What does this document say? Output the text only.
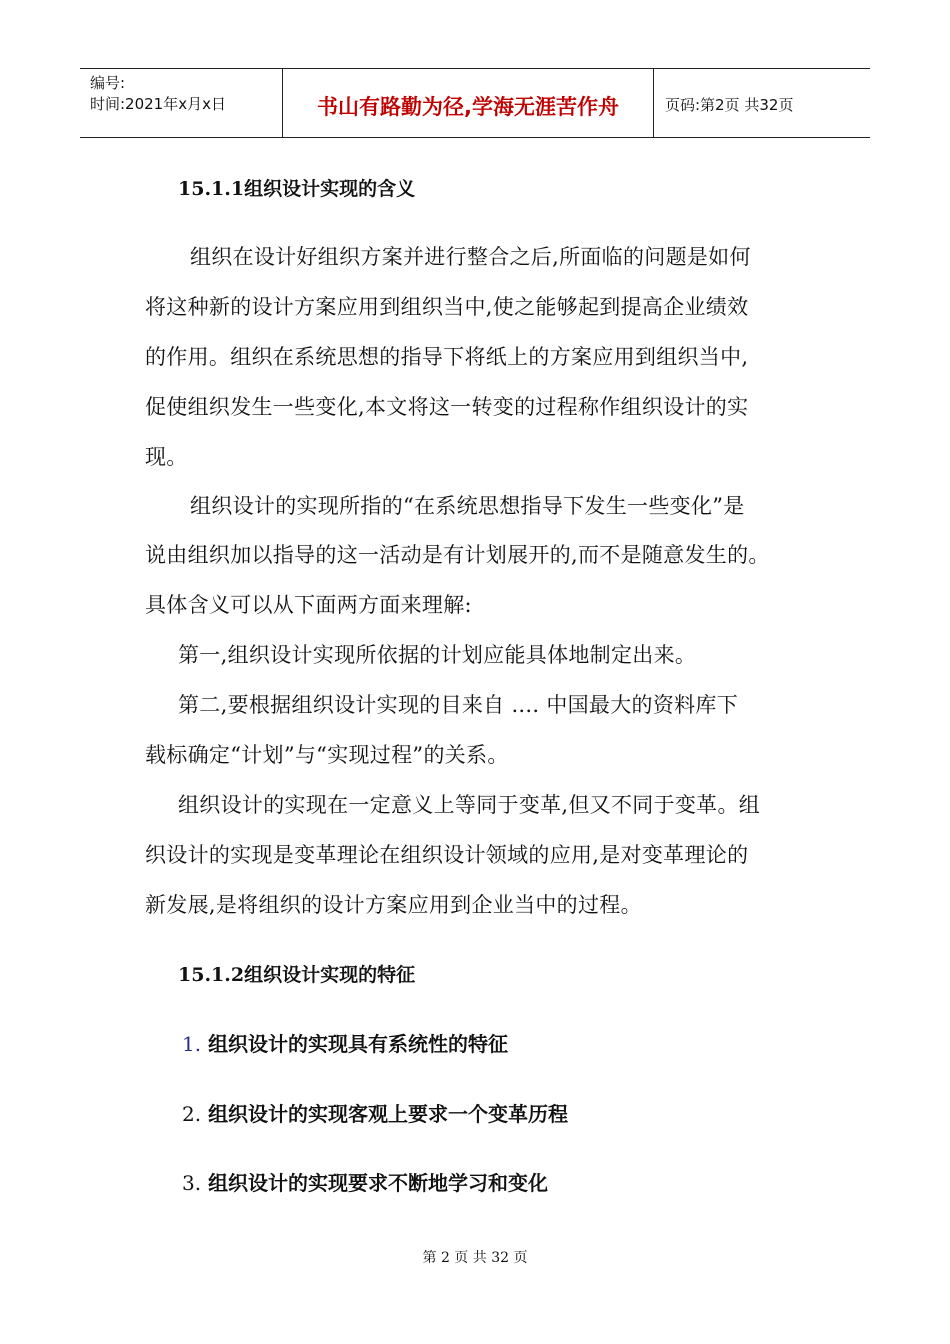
编号:
时间:2021年x月x日	书山有路勤为径,学海无涯苦作舟	页码:第2页 共32页
15.1.1组织设计实现的含义
组织在设计好组织方案并进行整合之后,所面临的问题是如何
将这种新的设计方案应用到组织当中,使之能够起到提高企业绩效
的作用。组织在系统思想的指导下将纸上的方案应用到组织当中,
促使组织发生一些变化,本文将这一转变的过程称作组织设计的实
现。
组织设计的实现所指的“在系统思想指导下发生一些变化”是
说由组织加以指导的这一活动是有计划展开的,而不是随意发生的。
具体含义可以从下面两方面来理解:
第一,组织设计实现所依据的计划应能具体地制定出来。
第二,要根据组织设计实现的目来自 .... 中国最大的资料库下
载标确定“计划”与“实现过程”的关系。
组织设计的实现在一定意义上等同于变革,但又不同于变革。组
织设计的实现是变革理论在组织设计领域的应用,是对变革理论的
新发展,是将组织的设计方案应用到企业当中的过程。
15.1.2组织设计实现的特征
1. 组织设计的实现具有系统性的特征
2. 组织设计的实现客观上要求一个变革历程
3. 组织设计的实现要求不断地学习和变化
第 2 页 共 32 页
